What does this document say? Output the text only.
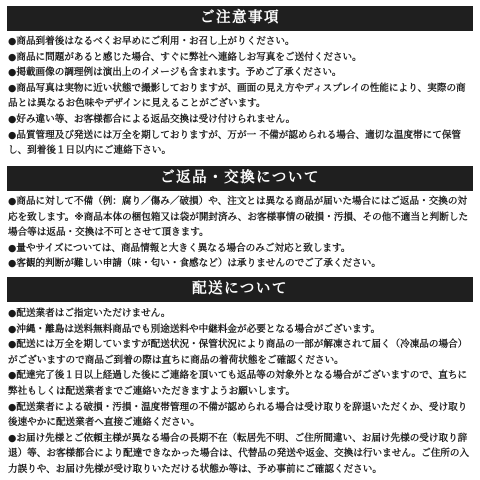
ご注意事項

●商品到着後はなるべくお早めにご利用・お召し上がりください。

●商品に問題があると感じた場合、すぐに弊社へ連絡しお写真をご送付ください。

●掲載画像の調理例は演出上のイメージも含まれます。予めご了承ください。

●商品写真は実物に近い状態で撮影しておりますが、画面の見え方やディスプレイの性能により、実際の商品とは異なるお色味やデザインに見えることがございます。

●好み違い等、お客様都合による返品交換は受け付けられません。

●品質管理及び発送には万全を期しておりますが、万が一 不備が認められる場合、適切な温度帯にて保管し、到着後１日以内にご連絡下さい。

ご返品・交換について

●商品に対して不備（例：腐り／傷み／破損）や、注文とは異なる商品が届いた場合にはご返品・交換の対応を致します。※商品本体の梱包箱又は袋が開封済み、お客様事情の破損・汚損、その他不適当と判断した場合等は返品・交換は不可とさせて頂きます。

●量やサイズについては、商品情報と大きく異なる場合のみご対応と致します。

●客観的判断が難しい申請（味・匂い・食感など）は承りませんのでご了承ください。

配送について

●配送業者はご指定いただけません。

●沖縄・離島は送料無料商品でも別途送料や中継料金が必要となる場合がございます。

●配送には万全を期していますが配送状況・保管状況により商品の一部が解凍されて届く（冷凍品の場合）がございますので商品ご到着の際は直ちに商品の着荷状態をご確認ください。

●配達完了後１日以上経過した後にご連絡を頂いても返品等の対象外となる場合がございますので、直ちに弊社もしくは配送業者までご連絡いただきますようお願いします。

●配送業者による破損・汚損・温度帯管理の不備が認められる場合は受け取りを辞退いただくか、受け取り後速やかに配送業者へ直接ご連絡ください。

●お届け先様とご依頼主様が異なる場合の長期不在（転居先不明、ご住所間違い、お届け先様の受け取り辞退）等、お客様都合により配達できなかった場合は、代替品の発送や返金、交換は行いません。ご住所の入力誤りや、お届け先様が受け取りいただける状態か等は、予め事前にご確認ください。
